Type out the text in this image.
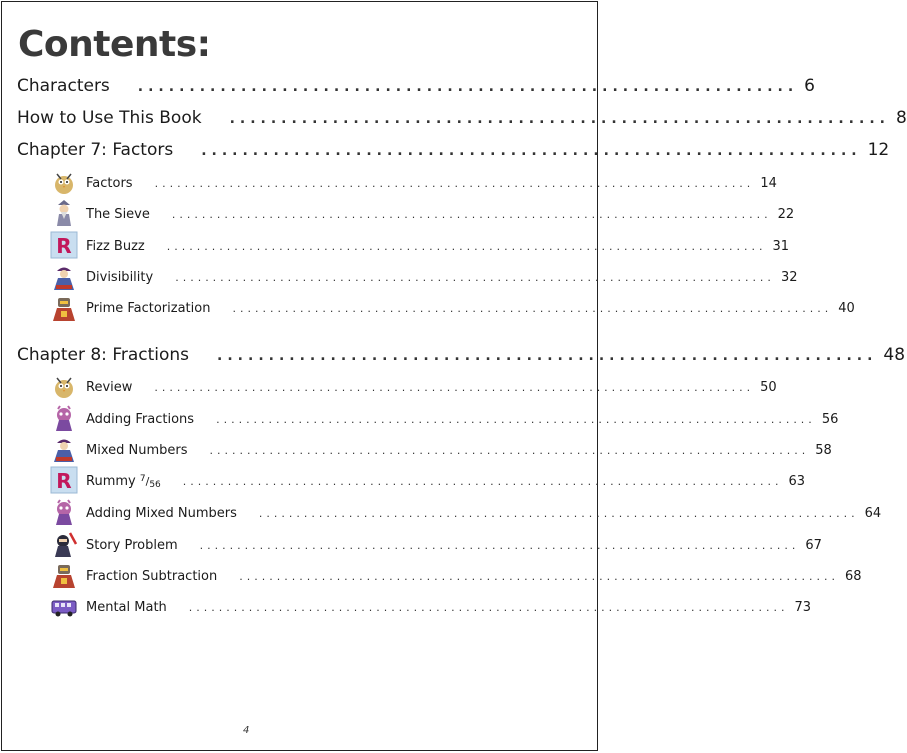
Contents:
Characters ................................................................ 6
How to Use This Book ................................................................ 8
Chapter 7: Factors ................................................................ 12
Factors ................................................................................ 14
The Sieve ................................................................................ 22
R Fizz Buzz ................................................................................ 31
Divisibility ................................................................................ 32
Prime Factorization ................................................................................ 40
Chapter 8: Fractions ................................................................ 48
Review ................................................................................ 50
Adding Fractions ................................................................................ 56
Mixed Numbers ................................................................................ 58
R Rummy $^7/_{56}$ ................................................................................ 63
Adding Mixed Numbers ................................................................................ 64
Story Problem ................................................................................ 67
Fraction Subtraction ................................................................................ 68
Mental Math ................................................................................ 73
4
